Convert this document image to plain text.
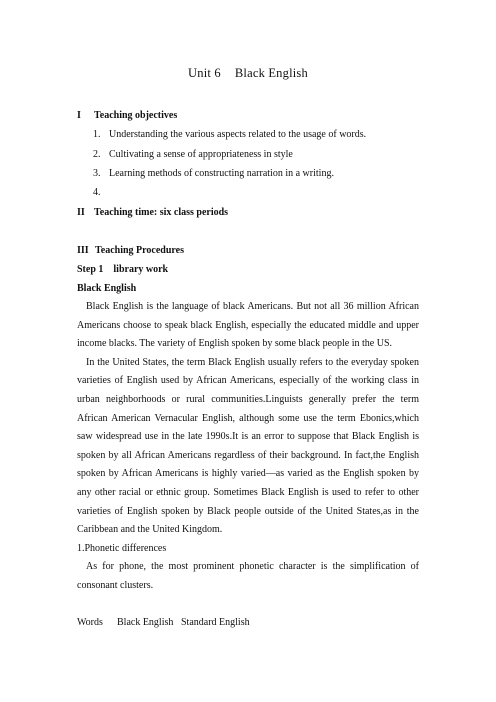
Unit 6 Black English
I Teaching objectives
1. Understanding the various aspects related to the usage of words.
2. Cultivating a sense of appropriateness in style
3. Learning methods of constructing narration in a writing.
4.
II Teaching time: six class periods
III Teaching Procedures
Step 1    library work
Black English

Black English is the language of black Americans. But not all 36 million African Americans choose to speak black English, especially the educated middle and upper income blacks. The variety of English spoken by some black people in the US.

In the United States, the term Black English usually refers to the everyday spoken varieties of English used by African Americans, especially of the working class in urban neighborhoods or rural communities.Linguists generally prefer the term African American Vernacular English, although some use the term Ebonics,which saw widespread use in the late 1990s.It is an error to suppose that Black English is spoken by all African Americans regardless of their background. In fact,the English spoken by African Americans is highly varied—as varied as the English spoken by any other racial or ethnic group. Sometimes Black English is used to refer to other varieties of English spoken by Black people outside of the United States,as in the Caribbean and the United Kingdom.

1.Phonetic differences

As for phone, the most prominent phonetic character is the simplification of consonant clusters.

Words Black English Standard English
